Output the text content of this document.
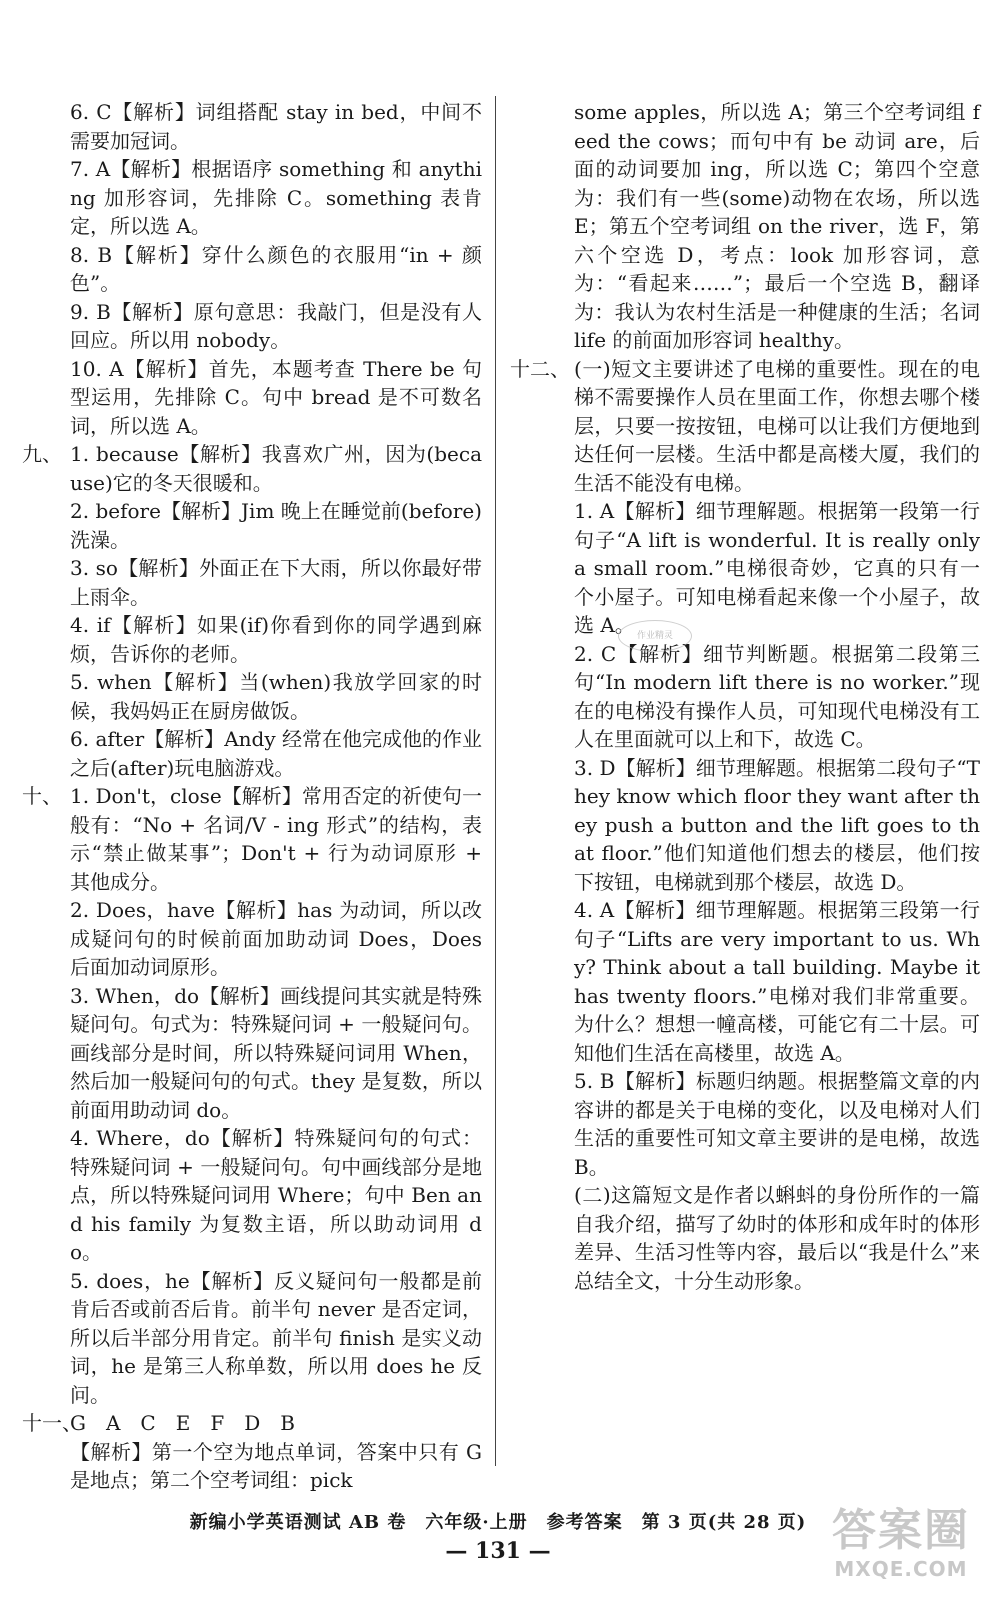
6. C【解析】词组搭配 stay in bed，中间不需要加冠词。

7. A【解析】根据语序 something 和 anything 加形容词，先排除 C。something 表肯定，所以选 A。

8. B【解析】穿什么颜色的衣服用“in + 颜色”。

9. B【解析】原句意思：我敲门，但是没有人回应。所以用 nobody。

10. A【解析】首先，本题考查 There be 句型运用，先排除 C。句中 bread 是不可数名词，所以选 A。

九、 1. because【解析】我喜欢广州，因为(because)它的冬天很暖和。

2. before【解析】Jim 晚上在睡觉前(before)洗澡。

3. so【解析】外面正在下大雨，所以你最好带上雨伞。

4. if【解析】如果(if)你看到你的同学遇到麻烦，告诉你的老师。

5. when【解析】当(when)我放学回家的时候，我妈妈正在厨房做饭。

6. after【解析】Andy 经常在他完成他的作业之后(after)玩电脑游戏。

十、 1. Don't，close【解析】常用否定的祈使句一般有：“No + 名词/V - ing 形式”的结构，表示“禁止做某事”；Don't + 行为动词原形 + 其他成分。

2. Does，have【解析】has 为动词，所以改成疑问句的时候前面加助动词 Does，Does 后面加动词原形。

3. When，do【解析】画线提问其实就是特殊疑问句。句式为：特殊疑问词 + 一般疑问句。画线部分是时间，所以特殊疑问词用 When，然后加一般疑问句的句式。they 是复数，所以前面用助动词 do。

4. Where，do【解析】特殊疑问句的句式：特殊疑问词 + 一般疑问句。句中画线部分是地点，所以特殊疑问词用 Where；句中 Ben and his family 为复数主语，所以助动词用 do。

5. does，he【解析】反义疑问句一般都是前肯后否或前否后肯。前半句 never 是否定词，所以后半部分用肯定。前半句 finish 是实义动词，he 是第三人称单数，所以用 does he 反问。

十一、

G　A　C　E　F　D　B

【解析】第一个空为地点单词，答案中只有 G 是地点；第二个空考词组：pick

some apples，所以选 A；第三个空考词组 feed the cows；而句中有 be 动词 are，后面的动词要加 ing，所以选 C；第四个空意为：我们有一些(some)动物在农场，所以选 E；第五个空考词组 on the river，选 F，第六个空选 D，考点：look 加形容词，意为：“看起来……”；最后一个空选 B，翻译为：我认为农村生活是一种健康的生活；名词 life 的前面加形容词 healthy。

十二、 (一)短文主要讲述了电梯的重要性。现在的电梯不需要操作人员在里面工作，你想去哪个楼层，只要一按按钮，电梯可以让我们方便地到达任何一层楼。生活中都是高楼大厦，我们的生活不能没有电梯。

1. A【解析】细节理解题。根据第一段第一行句子“A lift is wonderful. It is really only a small room.”电梯很奇妙，它真的只有一个小屋子。可知电梯看起来像一个小屋子，故选 A。

2. C【解析】细节判断题。根据第二段第三句“In modern lift there is no worker.”现在的电梯没有操作人员，可知现代电梯没有工人在里面就可以上和下，故选 C。

3. D【解析】细节理解题。根据第二段句子“They know which floor they want after they push a button and the lift goes to that floor.”他们知道他们想去的楼层，他们按下按钮，电梯就到那个楼层，故选 D。

4. A【解析】细节理解题。根据第三段第一行句子“Lifts are very important to us. Why? Think about a tall building. Maybe it has twenty floors.”电梯对我们非常重要。为什么？想想一幢高楼，可能它有二十层。可知他们生活在高楼里，故选 A。

5. B【解析】标题归纳题。根据整篇文章的内容讲的都是关于电梯的变化，以及电梯对人们生活的重要性可知文章主要讲的是电梯，故选 B。

(二)这篇短文是作者以蝌蚪的身份所作的一篇自我介绍，描写了幼时的体形和成年时的体形差异、生活习性等内容，最后以“我是什么”来总结全文，十分生动形象。

作业精灵
新编小学英语测试 AB 卷　六年级·上册　参考答案　第 3 页(共 28 页)
— 131 —	答案圈
MXQE.COM
